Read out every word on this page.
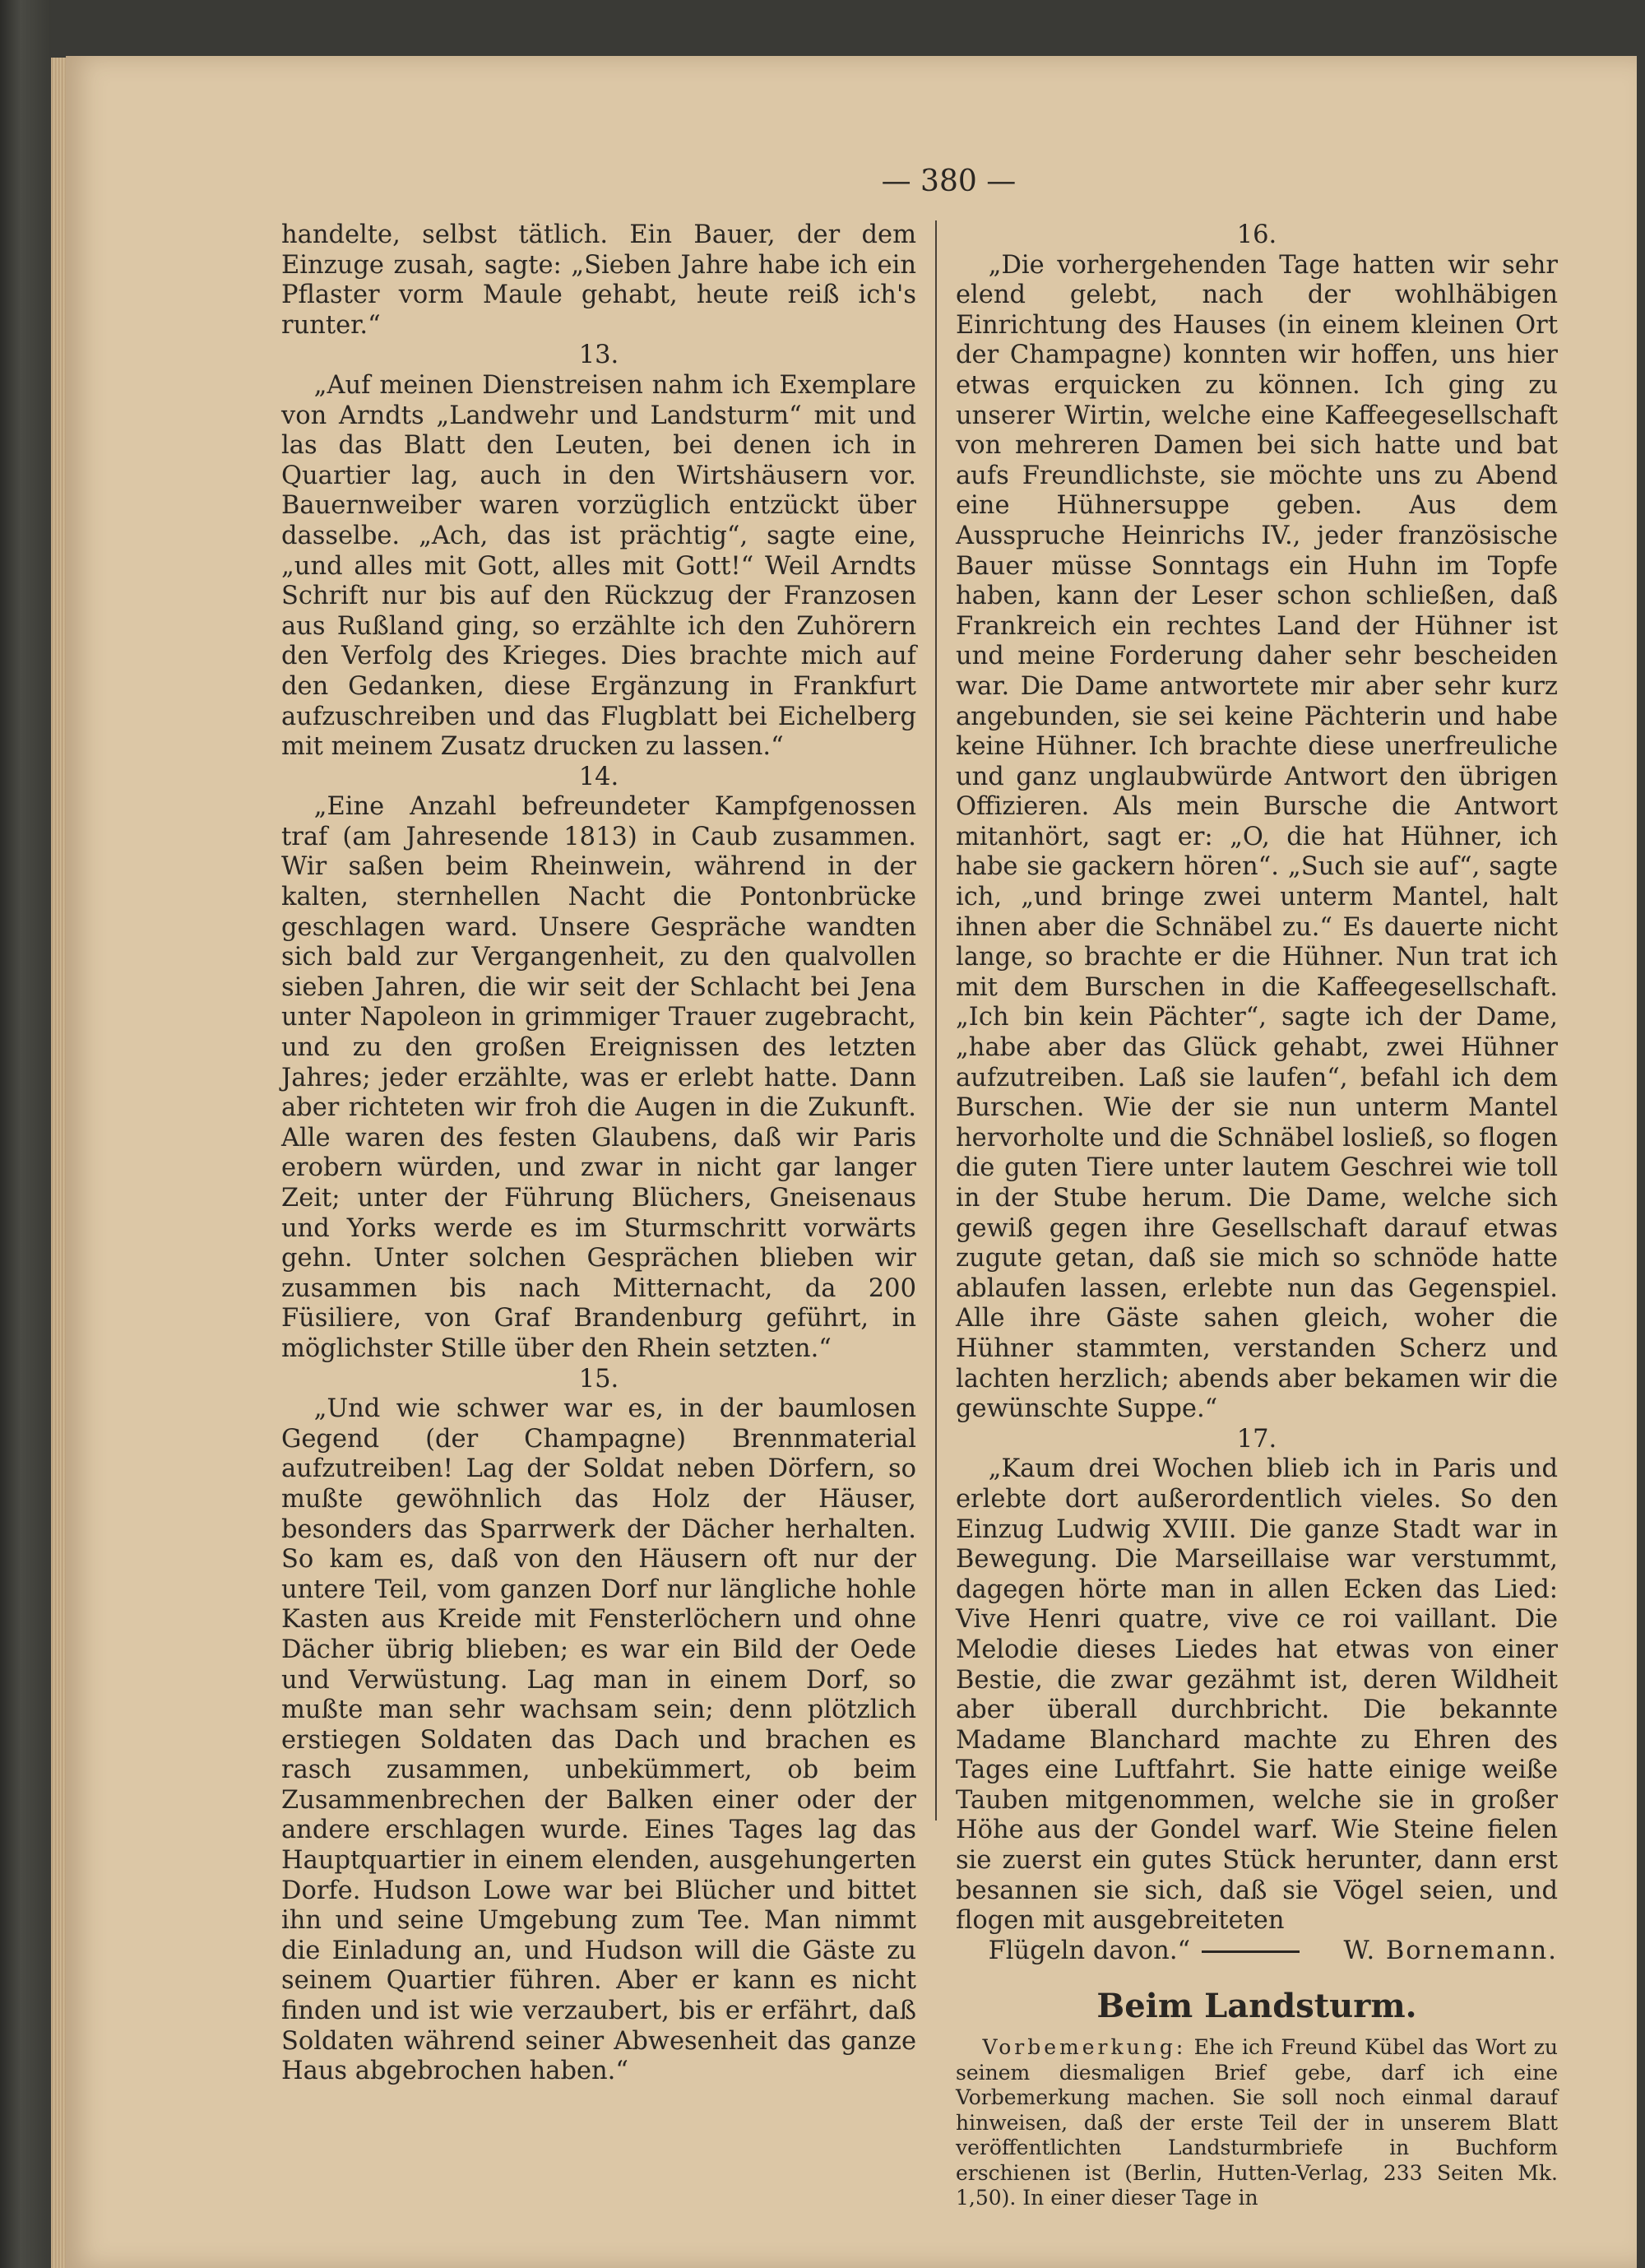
— 380 —

handelte, selbst tätlich. Ein Bauer, der dem Einzuge zusah, sagte: „Sieben Jahre habe ich ein Pflaster vorm Maule gehabt, heute reiß ich's runter.“

13.

„Auf meinen Dienstreisen nahm ich Exemplare von Arndts „Landwehr und Landsturm“ mit und las das Blatt den Leuten, bei denen ich in Quartier lag, auch in den Wirtshäusern vor. Bauernweiber waren vorzüglich entzückt über dasselbe. „Ach, das ist prächtig“, sagte eine, „und alles mit Gott, alles mit Gott!“ Weil Arndts Schrift nur bis auf den Rückzug der Franzosen aus Rußland ging, so erzählte ich den Zuhörern den Verfolg des Krieges. Dies brachte mich auf den Gedanken, diese Ergänzung in Frankfurt aufzuschreiben und das Flugblatt bei Eichelberg mit meinem Zusatz drucken zu lassen.“

14.

„Eine Anzahl befreundeter Kampfgenossen traf (am Jahresende 1813) in Caub zusammen. Wir saßen beim Rheinwein, während in der kalten, sternhellen Nacht die Pontonbrücke geschlagen ward. Unsere Gespräche wandten sich bald zur Vergangenheit, zu den qualvollen sieben Jahren, die wir seit der Schlacht bei Jena unter Napoleon in grimmiger Trauer zugebracht, und zu den großen Ereignissen des letzten Jahres; jeder erzählte, was er erlebt hatte. Dann aber richteten wir froh die Augen in die Zukunft. Alle waren des festen Glaubens, daß wir Paris erobern würden, und zwar in nicht gar langer Zeit; unter der Führung Blüchers, Gneisenaus und Yorks werde es im Sturmschritt vorwärts gehn. Unter solchen Gesprächen blieben wir zusammen bis nach Mitternacht, da 200 Füsiliere, von Graf Brandenburg geführt, in möglichster Stille über den Rhein setzten.“

15.

„Und wie schwer war es, in der baumlosen Gegend (der Champagne) Brennmaterial aufzutreiben! Lag der Soldat neben Dörfern, so mußte gewöhnlich das Holz der Häuser, besonders das Sparrwerk der Dächer herhalten. So kam es, daß von den Häusern oft nur der untere Teil, vom ganzen Dorf nur längliche hohle Kasten aus Kreide mit Fensterlöchern und ohne Dächer übrig blieben; es war ein Bild der Oede und Verwüstung. Lag man in einem Dorf, so mußte man sehr wachsam sein; denn plötzlich erstiegen Soldaten das Dach und brachen es rasch zusammen, unbekümmert, ob beim Zusammenbrechen der Balken einer oder der andere erschlagen wurde. Eines Tages lag das Hauptquartier in einem elenden, ausgehungerten Dorfe. Hudson Lowe war bei Blücher und bittet ihn und seine Umgebung zum Tee. Man nimmt die Einladung an, und Hudson will die Gäste zu seinem Quartier führen. Aber er kann es nicht finden und ist wie verzaubert, bis er erfährt, daß Soldaten während seiner Abwesenheit das ganze Haus abgebrochen haben.“

16.

„Die vorhergehenden Tage hatten wir sehr elend gelebt, nach der wohlhäbigen Einrichtung des Hauses (in einem kleinen Ort der Champagne) konnten wir hoffen, uns hier etwas erquicken zu können. Ich ging zu unserer Wirtin, welche eine Kaffeegesellschaft von mehreren Damen bei sich hatte und bat aufs Freundlichste, sie möchte uns zu Abend eine Hühnersuppe geben. Aus dem Ausspruche Heinrichs IV., jeder französische Bauer müsse Sonntags ein Huhn im Topfe haben, kann der Leser schon schließen, daß Frankreich ein rechtes Land der Hühner ist und meine Forderung daher sehr bescheiden war. Die Dame antwortete mir aber sehr kurz angebunden, sie sei keine Pächterin und habe keine Hühner. Ich brachte diese unerfreuliche und ganz unglaubwürde Antwort den übrigen Offizieren. Als mein Bursche die Antwort mitanhört, sagt er: „O, die hat Hühner, ich habe sie gackern hören“. „Such sie auf“, sagte ich, „und bringe zwei unterm Mantel, halt ihnen aber die Schnäbel zu.“ Es dauerte nicht lange, so brachte er die Hühner. Nun trat ich mit dem Burschen in die Kaffeegesellschaft. „Ich bin kein Pächter“, sagte ich der Dame, „habe aber das Glück gehabt, zwei Hühner aufzutreiben. Laß sie laufen“, befahl ich dem Burschen. Wie der sie nun unterm Mantel hervorholte und die Schnäbel losließ, so flogen die guten Tiere unter lautem Geschrei wie toll in der Stube herum. Die Dame, welche sich gewiß gegen ihre Gesellschaft darauf etwas zugute getan, daß sie mich so schnöde hatte ablaufen lassen, erlebte nun das Gegenspiel. Alle ihre Gäste sahen gleich, woher die Hühner stammten, verstanden Scherz und lachten herzlich; abends aber bekamen wir die gewünschte Suppe.“

17.

„Kaum drei Wochen blieb ich in Paris und erlebte dort außerordentlich vieles. So den Einzug Ludwig XVIII. Die ganze Stadt war in Bewegung. Die Marseillaise war verstummt, dagegen hörte man in allen Ecken das Lied: Vive Henri quatre, vive ce roi vaillant. Die Melodie dieses Liedes hat etwas von einer Bestie, die zwar gezähmt ist, deren Wildheit aber überall durchbricht. Die bekannte Madame Blanchard machte zu Ehren des Tages eine Luftfahrt. Sie hatte einige weiße Tauben mitgenommen, welche sie in großer Höhe aus der Gondel warf. Wie Steine fielen sie zuerst ein gutes Stück herunter, dann erst besannen sie sich, daß sie Vögel seien, und flogen mit ausgebreiteten

Flügeln davon.“	W. Bornemann.

Beim Landsturm.

Vorbemerkung: Ehe ich Freund Kübel das Wort zu seinem diesmaligen Brief gebe, darf ich eine Vorbemerkung machen. Sie soll noch einmal darauf hinweisen, daß der erste Teil der in unserem Blatt veröffentlichten Landsturmbriefe in Buchform erschienen ist (Berlin, Hutten-Verlag, 233 Seiten Mk. 1,50). In einer dieser Tage in
